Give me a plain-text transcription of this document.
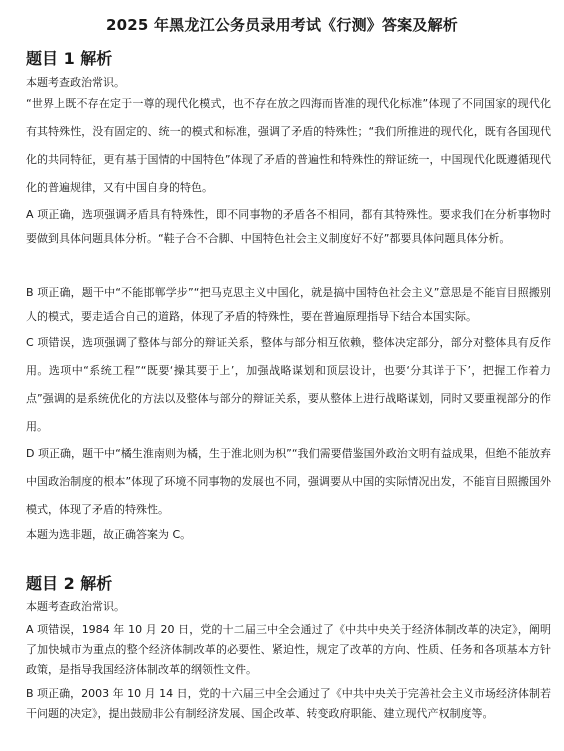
2025 年黑龙江公务员录用考试《行测》答案及解析
题目 1 解析

本题考查政治常识。

“世界上既不存在定于一尊的现代化模式，也不存在放之四海而皆准的现代化标准”体现了不同国家的现代化有其特殊性，没有固定的、统一的模式和标准，强调了矛盾的特殊性；“我们所推进的现代化，既有各国现代化的共同特征，更有基于国情的中国特色”体现了矛盾的普遍性和特殊性的辩证统一，中国现代化既遵循现代化的普遍规律，又有中国自身的特色。

A 项正确，选项强调矛盾具有特殊性，即不同事物的矛盾各不相同，都有其特殊性。要求我们在分析事物时要做到具体问题具体分析。“鞋子合不合脚、中国特色社会主义制度好不好”都要具体问题具体分析。

B 项正确，题干中“不能邯郸学步”“把马克思主义中国化，就是搞中国特色社会主义”意思是不能盲目照搬别人的模式，要走适合自己的道路，体现了矛盾的特殊性，要在普遍原理指导下结合本国实际。

C 项错误，选项强调了整体与部分的辩证关系，整体与部分相互依赖，整体决定部分，部分对整体具有反作用。选项中“系统工程”“既要‘操其要于上’，加强战略谋划和顶层设计，也要‘分其详于下’，把握工作着力点”强调的是系统优化的方法以及整体与部分的辩证关系，要从整体上进行战略谋划，同时又要重视部分的作用。

D 项正确，题干中“橘生淮南则为橘，生于淮北则为枳”“我们需要借鉴国外政治文明有益成果，但绝不能放弃中国政治制度的根本”体现了环境不同事物的发展也不同，强调要从中国的实际情况出发，不能盲目照搬国外模式，体现了矛盾的特殊性。

本题为选非题，故正确答案为 C。

题目 2 解析

本题考查政治常识。

A 项错误，1984 年 10 月 20 日，党的十二届三中全会通过了《中共中央关于经济体制改革的决定》，阐明了加快城市为重点的整个经济体制改革的必要性、紧迫性，规定了改革的方向、性质、任务和各项基本方针政策，是指导我国经济体制改革的纲领性文件。

B 项正确，2003 年 10 月 14 日，党的十六届三中全会通过了《中共中央关于完善社会主义市场经济体制若干问题的决定》，提出鼓励非公有制经济发展、国企改革、转变政府职能、建立现代产权制度等。
